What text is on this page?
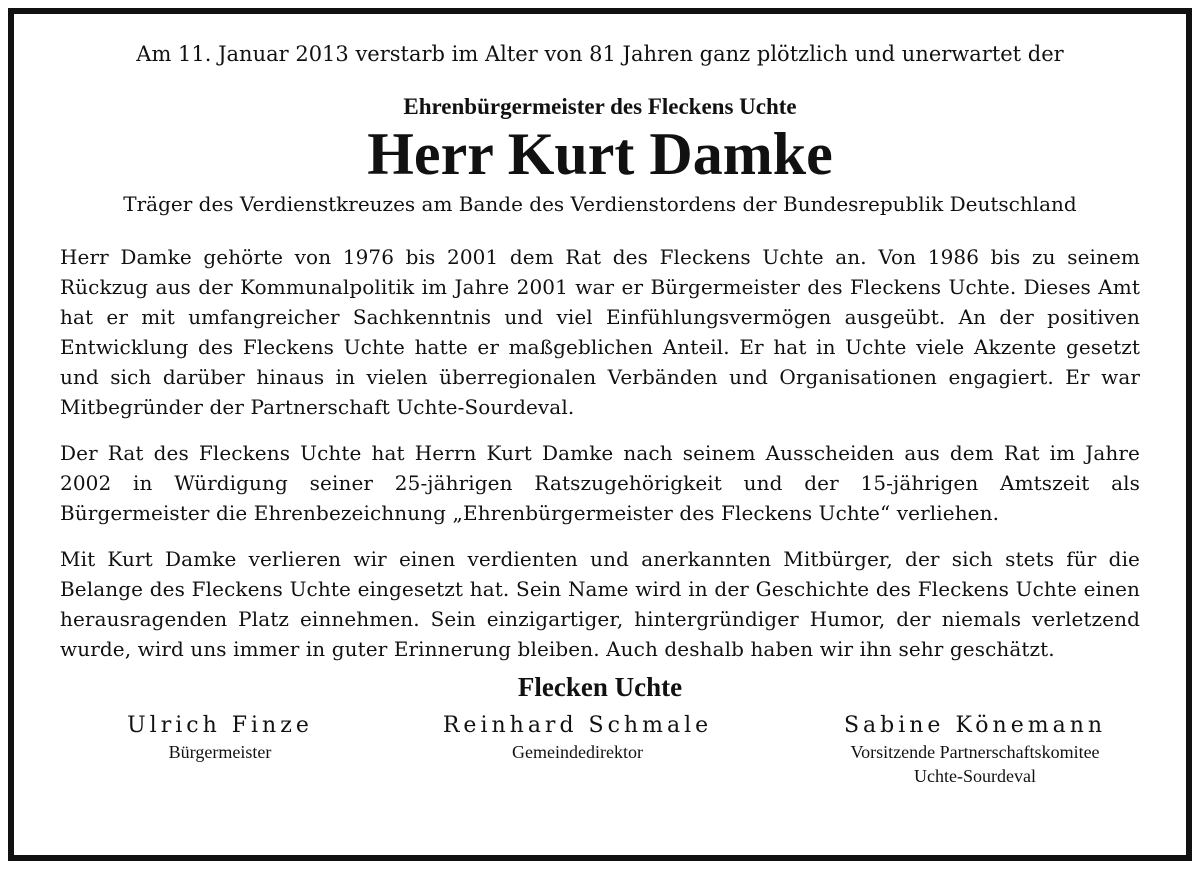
Am 11. Januar 2013 verstarb im Alter von 81 Jahren ganz plötzlich und unerwartet der

Ehrenbürgermeister des Fleckens Uchte

Herr Kurt Damke

Träger des Verdienstkreuzes am Bande des Verdienstordens der Bundesrepublik Deutschland

Herr Damke gehörte von 1976 bis 2001 dem Rat des Fleckens Uchte an. Von 1986 bis zu seinem Rückzug aus der Kommunalpolitik im Jahre 2001 war er Bürgermeister des Fleckens Uchte. Dieses Amt hat er mit umfangreicher Sachkenntnis und viel Einfühlungsvermögen ausgeübt. An der positiven Entwicklung des Fleckens Uchte hatte er maßgeblichen Anteil. Er hat in Uchte viele Akzente gesetzt und sich darüber hinaus in vielen überregionalen Verbänden und Organisationen engagiert. Er war Mitbegründer der Partnerschaft Uchte-Sourdeval.

Der Rat des Fleckens Uchte hat Herrn Kurt Damke nach seinem Ausscheiden aus dem Rat im Jahre 2002 in Würdigung seiner 25-jährigen Ratszugehörigkeit und der 15-jährigen Amtszeit als Bürgermeister die Ehrenbezeichnung „Ehrenbürgermeister des Fleckens Uchte“ verliehen.

Mit Kurt Damke verlieren wir einen verdienten und anerkannten Mitbürger, der sich stets für die Belange des Fleckens Uchte eingesetzt hat. Sein Name wird in der Geschichte des Fleckens Uchte einen herausragenden Platz einnehmen. Sein einzigartiger, hintergründiger Humor, der niemals verletzend wurde, wird uns immer in guter Erinnerung bleiben. Auch deshalb haben wir ihn sehr geschätzt.

Flecken Uchte

Ulrich Finze
Bürgermeister
Reinhard Schmale
Gemeindedirektor
Sabine Könemann
Vorsitzende Partnerschaftskomitee
Uchte-Sourdeval
